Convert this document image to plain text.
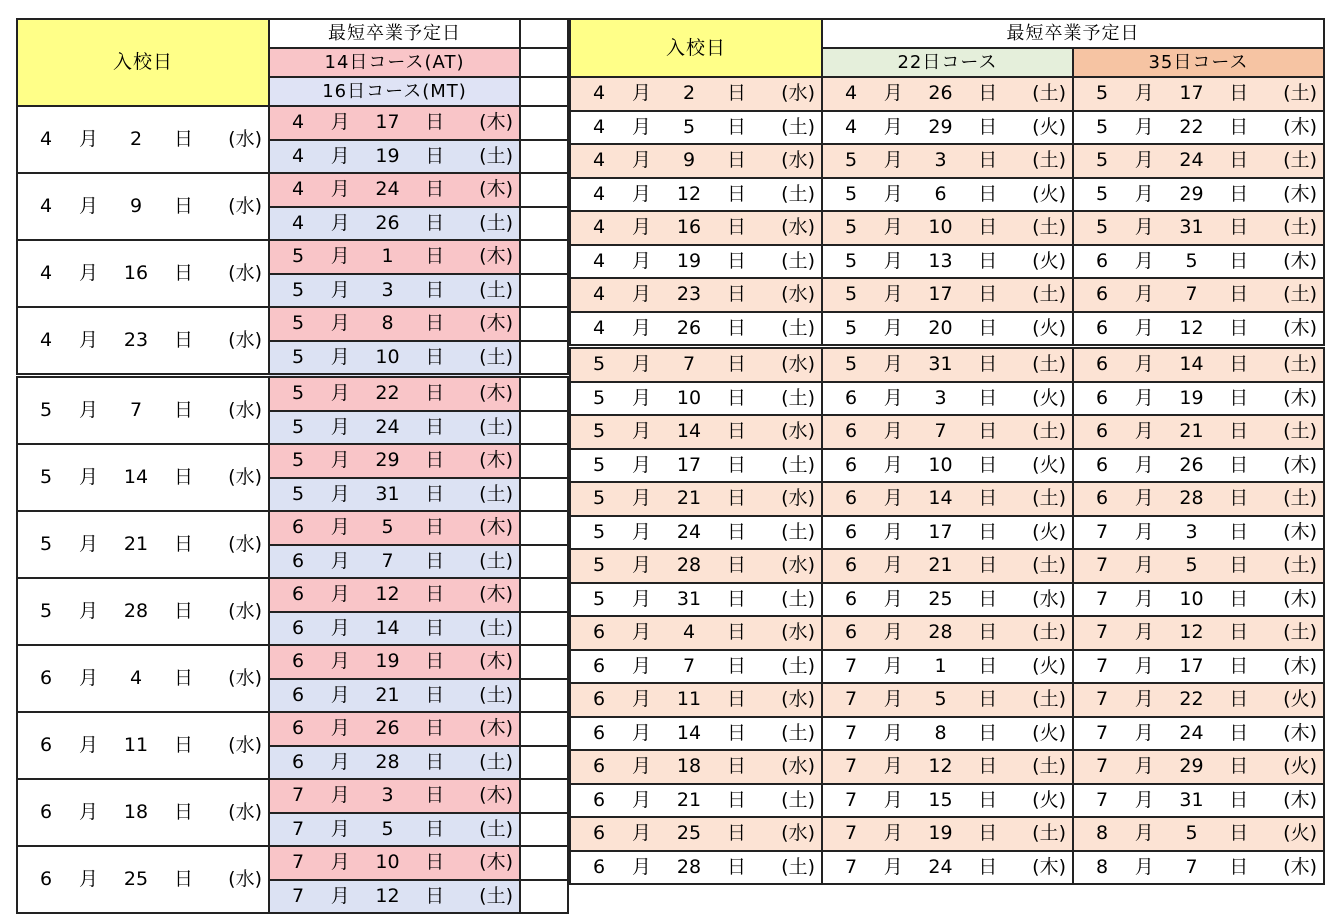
入校日	最短卒業予定日
	14日コース(AT)
	16日コース(MT)

4 月 2 日 (水)	4 月 17 日 (木)

	4 月 19 日 (土)

4 月 9 日 (水)	4 月 24 日 (木)

	4 月 26 日 (土)

4 月 16 日 (水)	5 月 1 日 (木)

	5 月 3 日 (土)

4 月 23 日 (水)	5 月 8 日 (木)

	5 月 10 日 (土)

5 月 7 日 (水)	5 月 22 日 (木)

	5 月 24 日 (土)

5 月 14 日 (水)	5 月 29 日 (木)

	5 月 31 日 (土)

5 月 21 日 (水)	6 月 5 日 (木)

	6 月 7 日 (土)

5 月 28 日 (水)	6 月 12 日 (木)

	6 月 14 日 (土)

6 月 4 日 (水)	6 月 19 日 (木)

	6 月 21 日 (土)

6 月 11 日 (水)	6 月 26 日 (木)

	6 月 28 日 (土)

6 月 18 日 (水)	7 月 3 日 (木)

	7 月 5 日 (土)

6 月 25 日 (水)	7 月 10 日 (木)

	7 月 12 日 (土)

入校日	最短卒業予定日	
	22日コース	35日コース

4 月 2 日 (水)	4 月 26 日 (土)	5 月 17 日 (土)

4 月 5 日 (土)	4 月 29 日 (火)	5 月 22 日 (木)

4 月 9 日 (水)	5 月 3 日 (土)	5 月 24 日 (土)

4 月 12 日 (土)	5 月 6 日 (火)	5 月 29 日 (木)

4 月 16 日 (水)	5 月 10 日 (土)	5 月 31 日 (土)

4 月 19 日 (土)	5 月 13 日 (火)	6 月 5 日 (木)

4 月 23 日 (水)	5 月 17 日 (土)	6 月 7 日 (土)

4 月 26 日 (土)	5 月 20 日 (火)	6 月 12 日 (木)

5 月 7 日 (水)	5 月 31 日 (土)	6 月 14 日 (土)

5 月 10 日 (土)	6 月 3 日 (火)	6 月 19 日 (木)

5 月 14 日 (水)	6 月 7 日 (土)	6 月 21 日 (土)

5 月 17 日 (土)	6 月 10 日 (火)	6 月 26 日 (木)

5 月 21 日 (水)	6 月 14 日 (土)	6 月 28 日 (土)

5 月 24 日 (土)	6 月 17 日 (火)	7 月 3 日 (木)

5 月 28 日 (水)	6 月 21 日 (土)	7 月 5 日 (土)

5 月 31 日 (土)	6 月 25 日 (水)	7 月 10 日 (木)

6 月 4 日 (水)	6 月 28 日 (土)	7 月 12 日 (土)

6 月 7 日 (土)	7 月 1 日 (火)	7 月 17 日 (木)

6 月 11 日 (水)	7 月 5 日 (土)	7 月 22 日 (火)

6 月 14 日 (土)	7 月 8 日 (火)	7 月 24 日 (木)

6 月 18 日 (水)	7 月 12 日 (土)	7 月 29 日 (火)

6 月 21 日 (土)	7 月 15 日 (火)	7 月 31 日 (木)

6 月 25 日 (水)	7 月 19 日 (土)	8 月 5 日 (火)

6 月 28 日 (土)	7 月 24 日 (木)	8 月 7 日 (木)
